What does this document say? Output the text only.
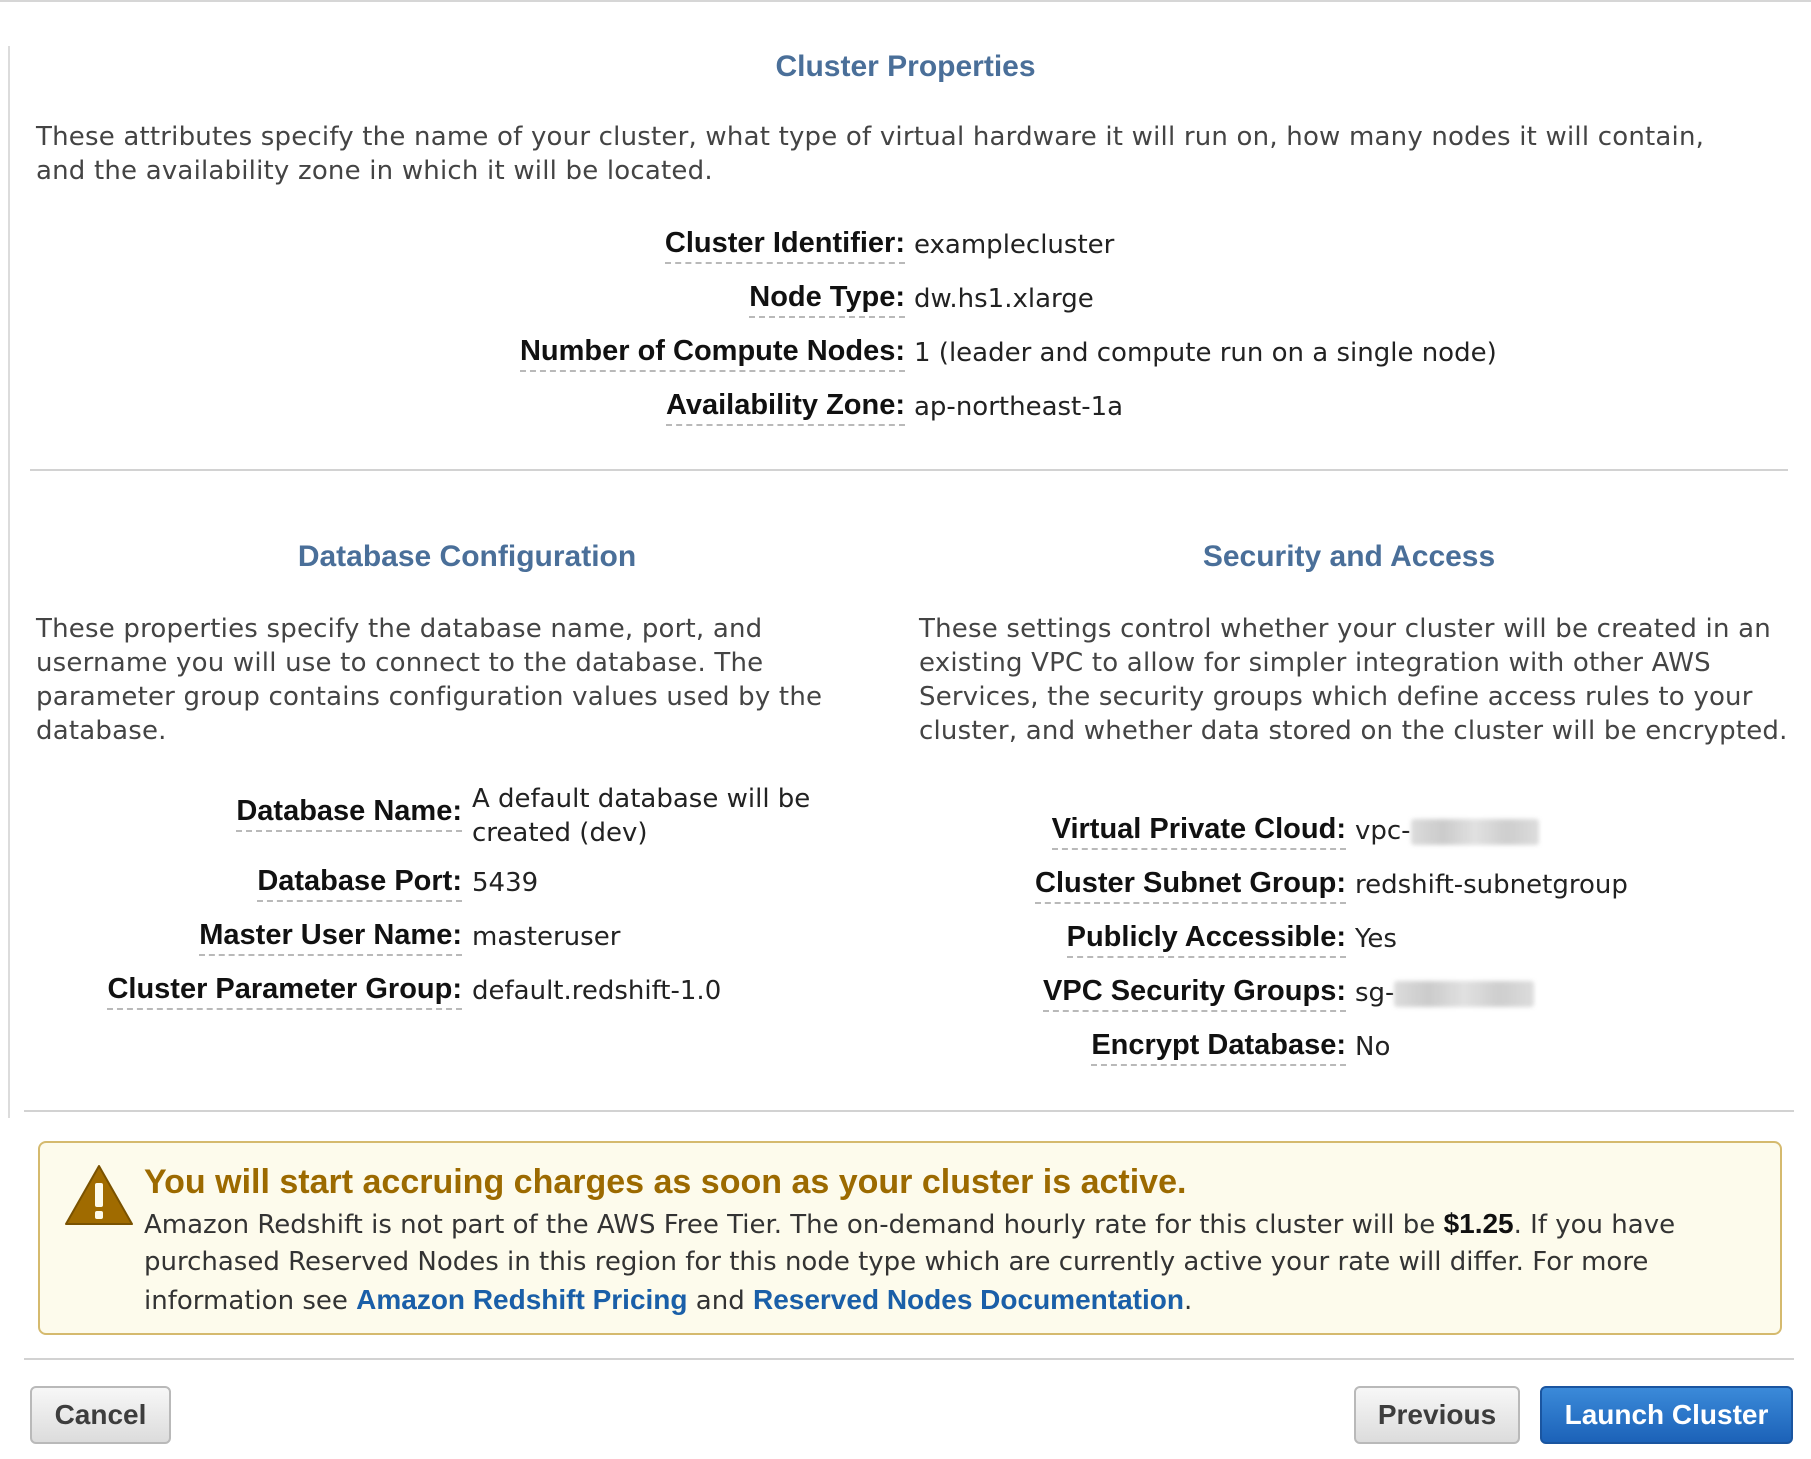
Cluster Properties
These attributes specify the name of your cluster, what type of virtual hardware it will run on, how many nodes it will contain, and the availability zone in which it will be located.
Cluster Identifier: examplecluster
Node Type: dw.hs1.xlarge
Number of Compute Nodes: 1 (leader and compute run on a single node)
Availability Zone: ap-northeast-1a
Database Configuration
These properties specify the database name, port, and username you will use to connect to the database. The parameter group contains configuration values used by the database.
Database Name: A default database will be
created (dev)
Database Port: 5439
Master User Name: masteruser
Cluster Parameter Group: default.redshift-1.0
Security and Access
These settings control whether your cluster will be created in an existing VPC to allow for simpler integration with other AWS Services, the security groups which define access rules to your cluster, and whether data stored on the cluster will be encrypted.
Virtual Private Cloud: vpc-
Cluster Subnet Group: redshift-subnetgroup
Publicly Accessible: Yes
VPC Security Groups: sg-
Encrypt Database: No
You will start accruing charges as soon as your cluster is active.
Amazon Redshift is not part of the AWS Free Tier. The on-demand hourly rate for this cluster will be $1.25. If you have purchased Reserved Nodes in this region for this node type which are currently active your rate will differ. For more information see Amazon Redshift Pricing and Reserved Nodes Documentation.
Cancel	Previous	Launch Cluster
